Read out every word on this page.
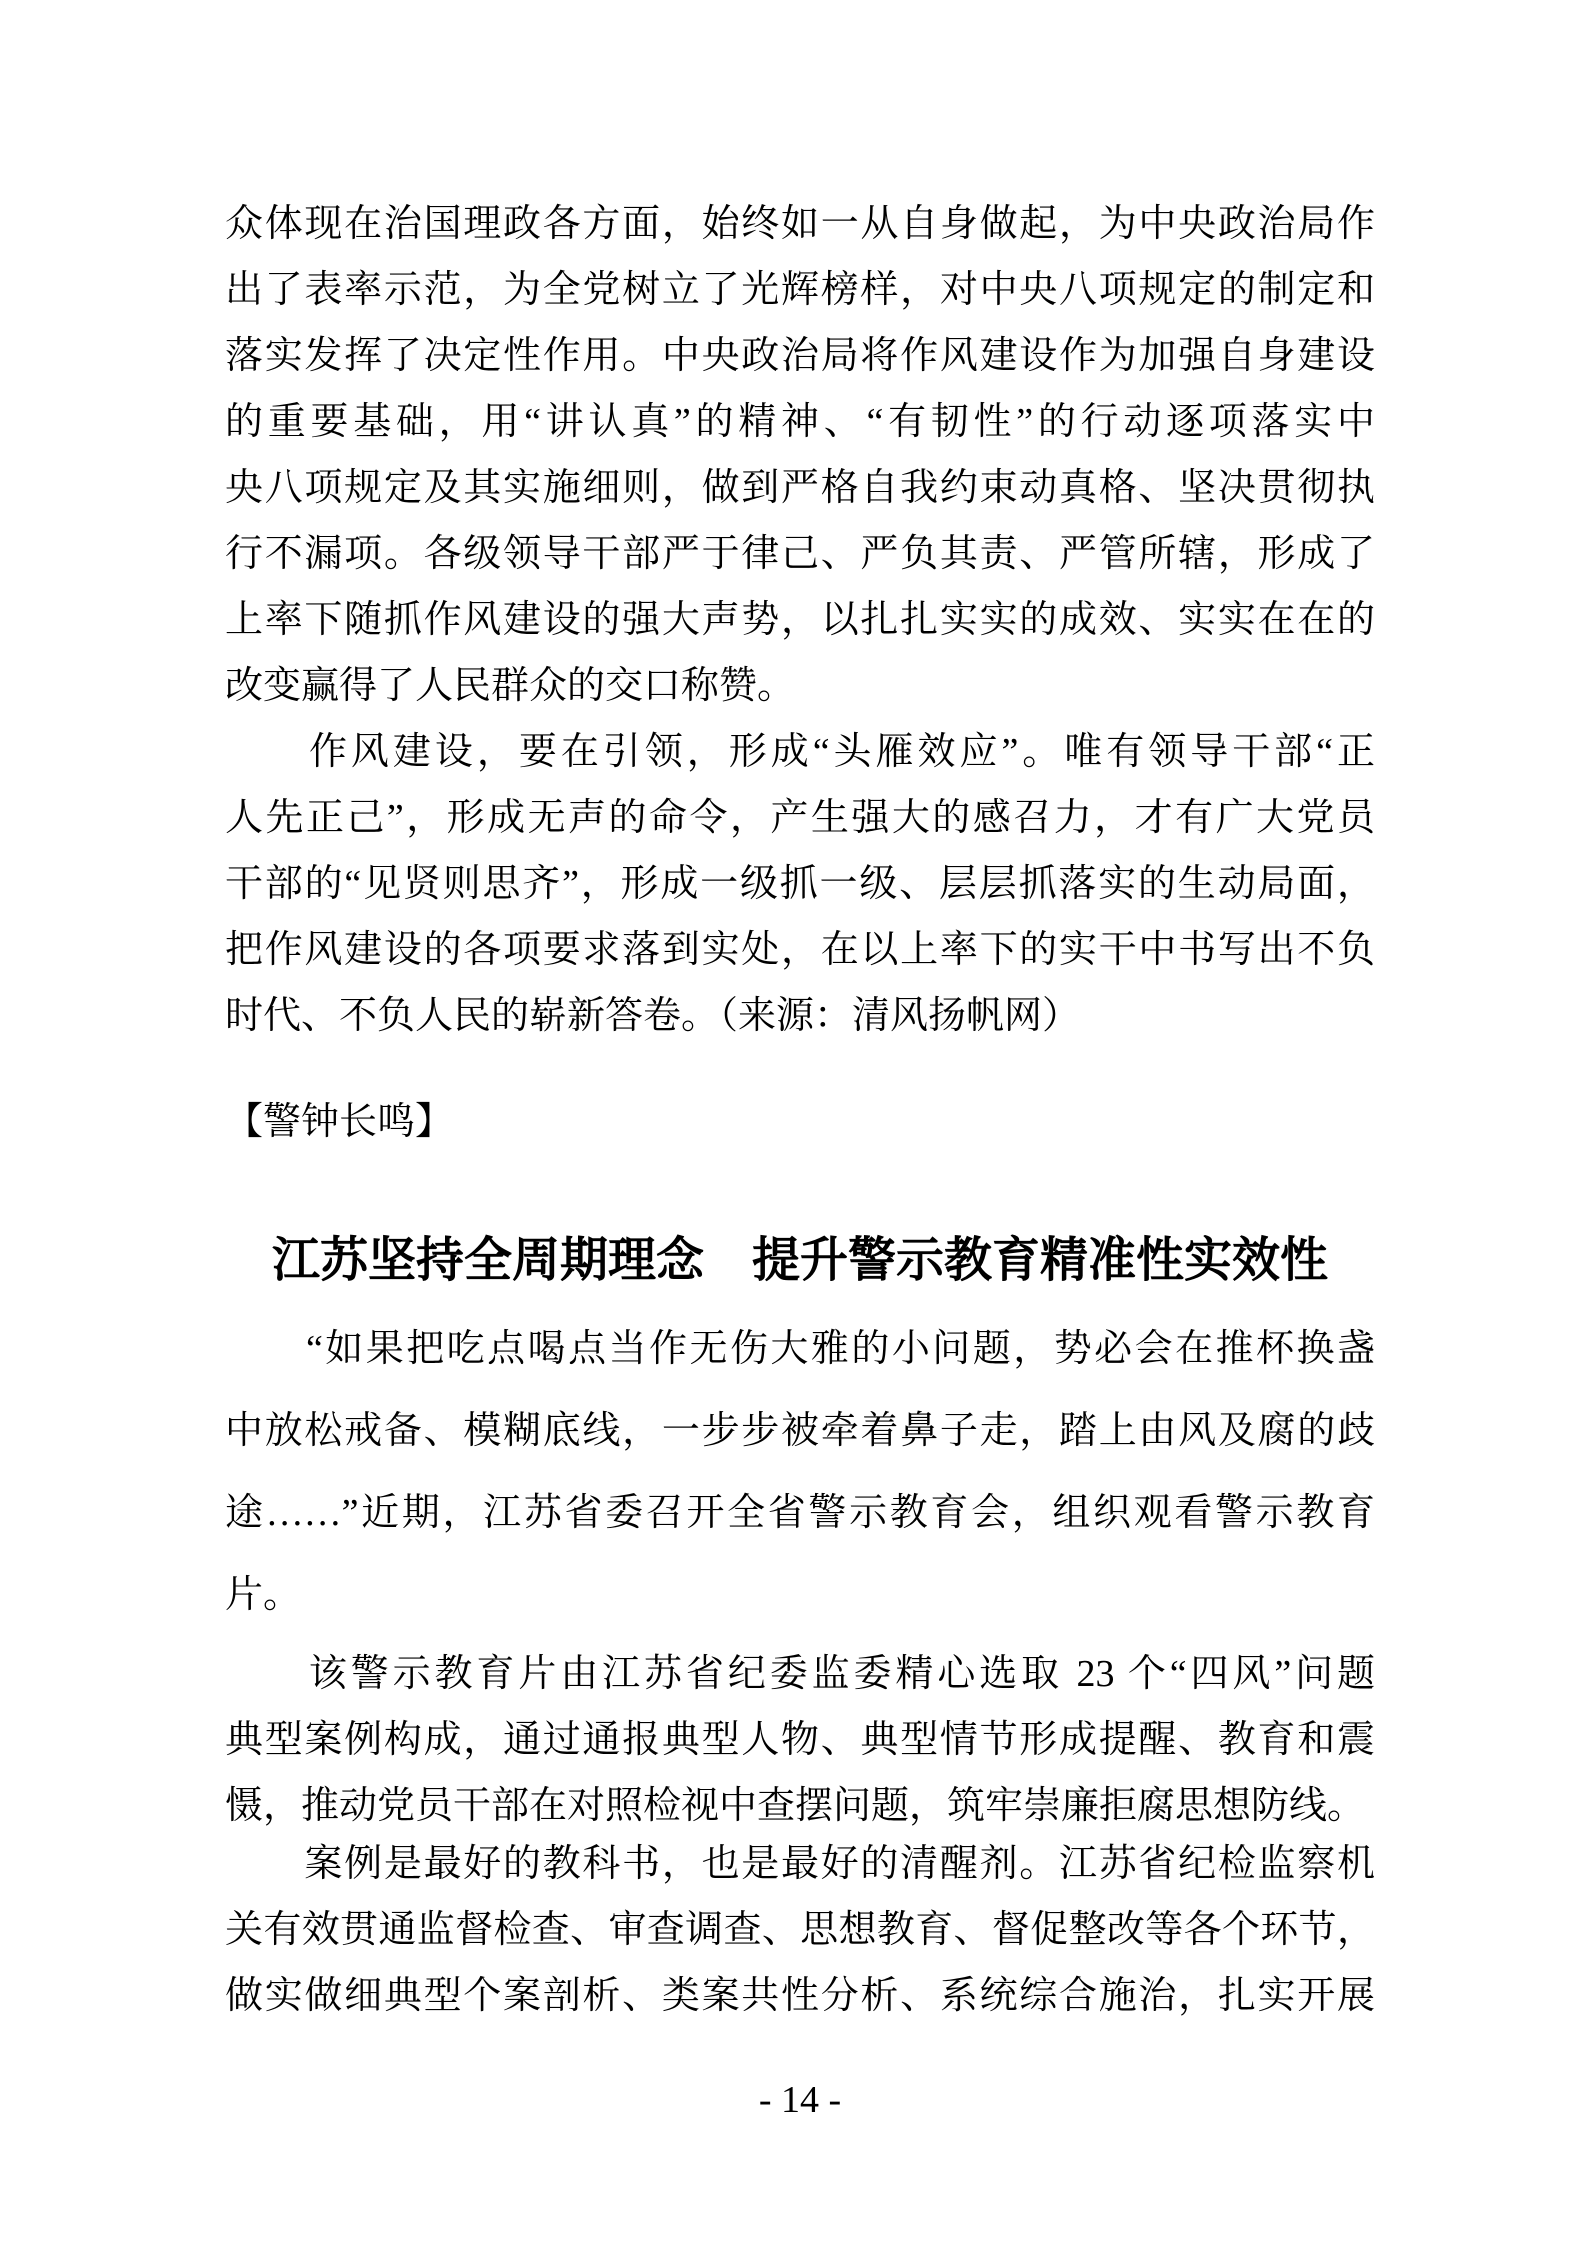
众体现在治国理政各方面，始终如一从自身做起，为中央政治局作
出了表率示范，为全党树立了光辉榜样，对中央八项规定的制定和
落实发挥了决定性作用。中央政治局将作风建设作为加强自身建设
的重要基础，用“讲认真”的精神、“有韧性”的行动逐项落实中
央八项规定及其实施细则，做到严格自我约束动真格、坚决贯彻执
行不漏项。各级领导干部严于律己、严负其责、严管所辖，形成了
上率下随抓作风建设的强大声势，以扎扎实实的成效、实实在在的
改变赢得了人民群众的交口称赞。
　　作风建设，要在引领，形成“头雁效应”。唯有领导干部“正
人先正己”，形成无声的命令，产生强大的感召力，才有广大党员
干部的“见贤则思齐”，形成一级抓一级、层层抓落实的生动局面，
把作风建设的各项要求落到实处，在以上率下的实干中书写出不负
时代、不负人民的崭新答卷。（来源：清风扬帆网）
【警钟长鸣】
江苏坚持全周期理念　提升警示教育精准性实效性
　　“如果把吃点喝点当作无伤大雅的小问题，势必会在推杯换盏
中放松戒备、模糊底线，一步步被牵着鼻子走，踏上由风及腐的歧
途……”近期，江苏省委召开全省警示教育会，组织观看警示教育
片。
　　该警示教育片由江苏省纪委监委精心选取 23 个“四风”问题
典型案例构成，通过通报典型人物、典型情节形成提醒、教育和震
慑，推动党员干部在对照检视中查摆问题，筑牢崇廉拒腐思想防线。
　　案例是最好的教科书，也是最好的清醒剂。江苏省纪检监察机
关有效贯通监督检查、审查调查、思想教育、督促整改等各个环节，
做实做细典型个案剖析、类案共性分析、系统综合施治，扎实开展
- 14 -
